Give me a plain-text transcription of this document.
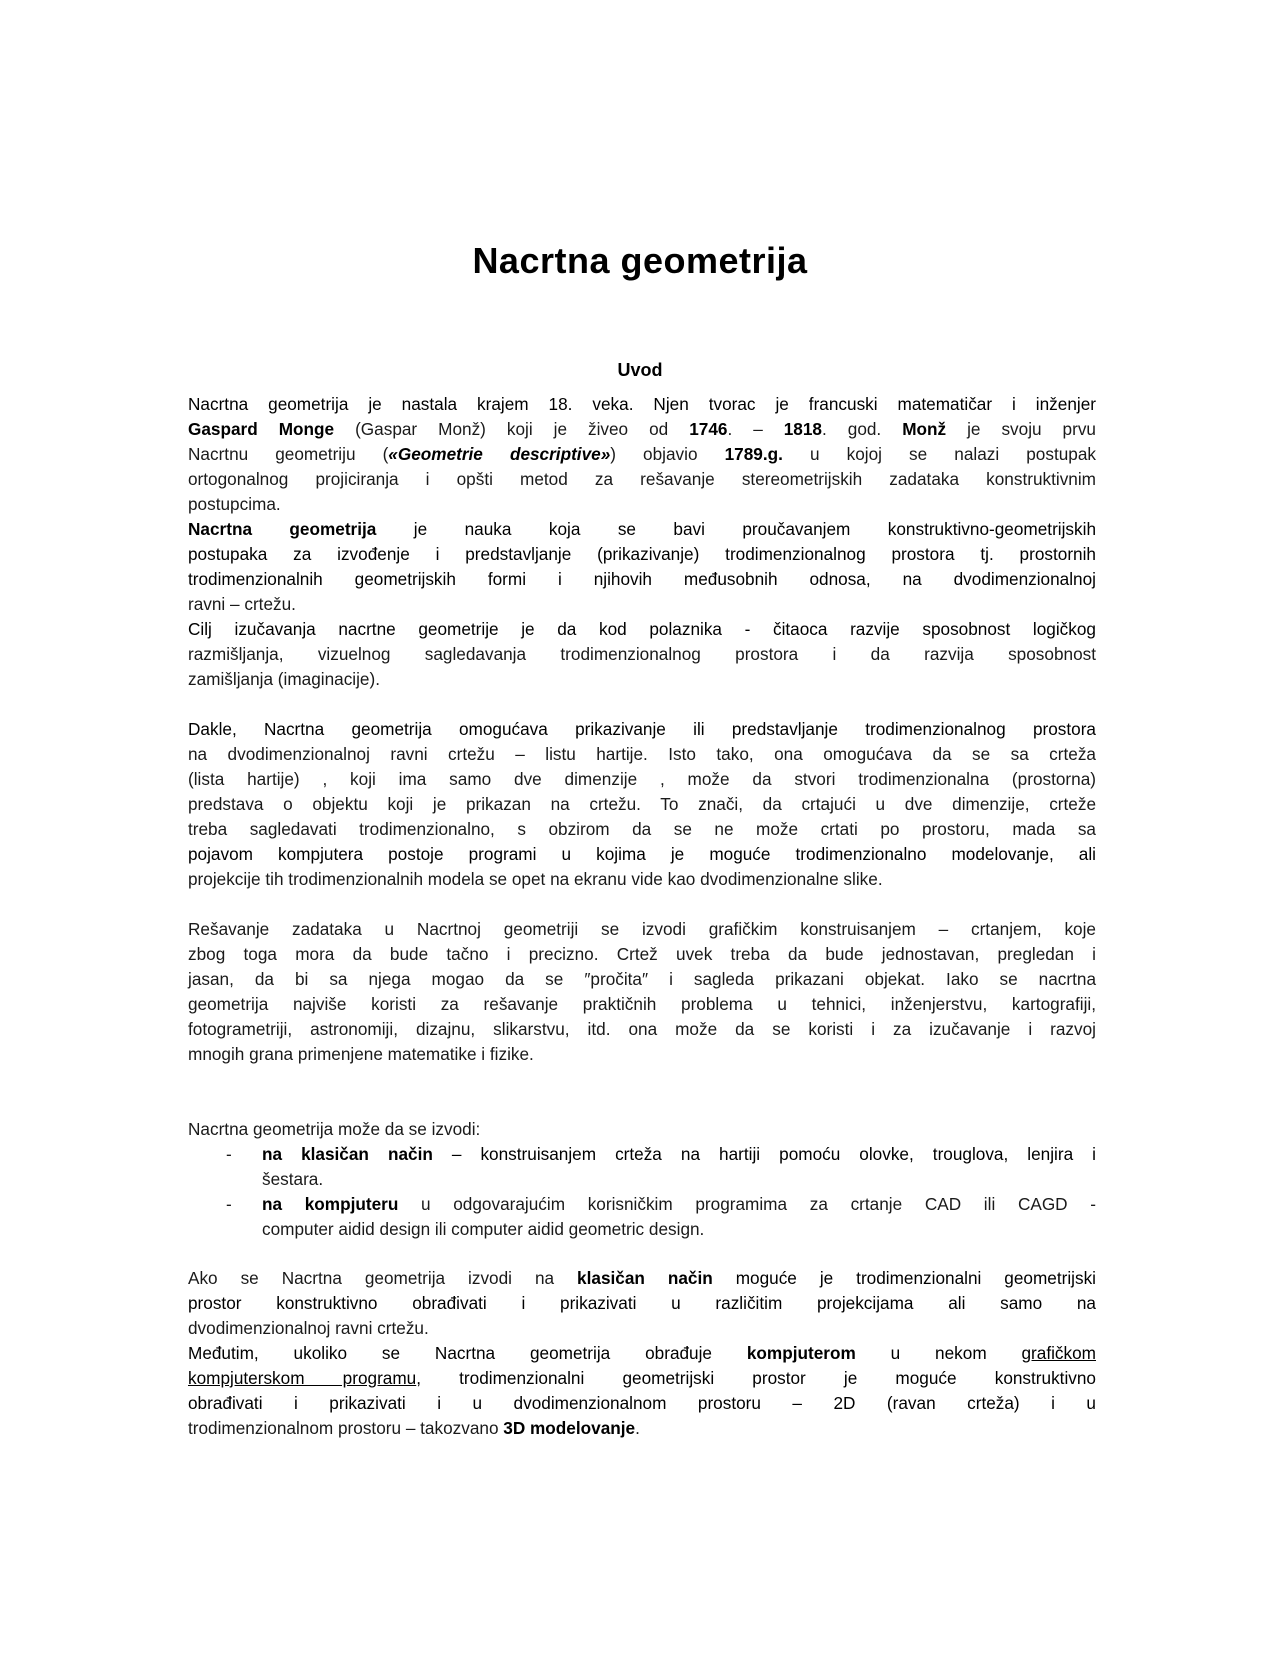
Nacrtna geometrija
Uvod
Nacrtna geometrija je nastala krajem 18. veka. Njen tvorac je francuski matematičar i inženjer
Gaspard Monge (Gaspar Monž) koji je živeo od 1746. – 1818. god. Monž je svoju prvu
Nacrtnu geometriju («Geometrie descriptive») objavio 1789.g. u kojoj se nalazi postupak
ortogonalnog projiciranja i opšti metod za rešavanje stereometrijskih zadataka konstruktivnim
postupcima.
Nacrtna geometrija je nauka koja se bavi proučavanjem konstruktivno-geometrijskih
postupaka za izvođenje i predstavljanje (prikazivanje) trodimenzionalnog prostora tj. prostornih
trodimenzionalnih geometrijskih formi i njihovih međusobnih odnosa, na dvodimenzionalnoj
ravni – crtežu.
Cilj izučavanja nacrtne geometrije je da kod polaznika - čitaoca razvije sposobnost logičkog
razmišljanja, vizuelnog sagledavanja trodimenzionalnog prostora i da razvija sposobnost
zamišljanja (imaginacije).
Dakle, Nacrtna geometrija omogućava prikazivanje ili predstavljanje trodimenzionalnog prostora
na dvodimenzionalnoj ravni crtežu – listu hartije. Isto tako, ona omogućava da se sa crteža
(lista hartije) , koji ima samo dve dimenzije , može da stvori trodimenzionalna (prostorna)
predstava o objektu koji je prikazan na crtežu. To znači, da crtajući u dve dimenzije, crteže
treba sagledavati trodimenzionalno, s obzirom da se ne može crtati po prostoru, mada sa
pojavom kompjutera postoje programi u kojima je moguće trodimenzionalno modelovanje, ali
projekcije tih trodimenzionalnih modela se opet na ekranu vide kao dvodimenzionalne slike.
Rešavanje zadataka u Nacrtnoj geometriji se izvodi grafičkim konstruisanjem – crtanjem, koje
zbog toga mora da bude tačno i precizno. Crtež uvek treba da bude jednostavan, pregledan i
jasan, da bi sa njega mogao da se ″pročita″ i sagleda prikazani objekat. Iako se nacrtna
geometrija najviše koristi za rešavanje praktičnih problema u tehnici, inženjerstvu, kartografiji,
fotogrametriji, astronomiji, dizajnu, slikarstvu, itd. ona može da se koristi i za izučavanje i razvoj
mnogih grana primenjene matematike i fizike.
Nacrtna geometrija može da se izvodi:
- na klasičan način – konstruisanjem crteža na hartiji pomoću olovke, trouglova, lenjira i
šestara.
- na kompjuteru u odgovarajućim korisničkim programima za crtanje CAD ili CAGD -
computer aidid design ili computer aidid geometric design.
Ako se Nacrtna geometrija izvodi na klasičan način moguće je trodimenzionalni geometrijski
prostor konstruktivno obrađivati i prikazivati u različitim projekcijama ali samo na
dvodimenzionalnoj ravni crtežu.
Međutim, ukoliko se Nacrtna geometrija obrađuje kompjuterom u nekom grafičkom
kompjuterskom programu, trodimenzionalni geometrijski prostor je moguće konstruktivno
obrađivati i prikazivati i u dvodimenzionalnom prostoru – 2D (ravan crteža) i u
trodimenzionalnom prostoru – takozvano 3D modelovanje.
